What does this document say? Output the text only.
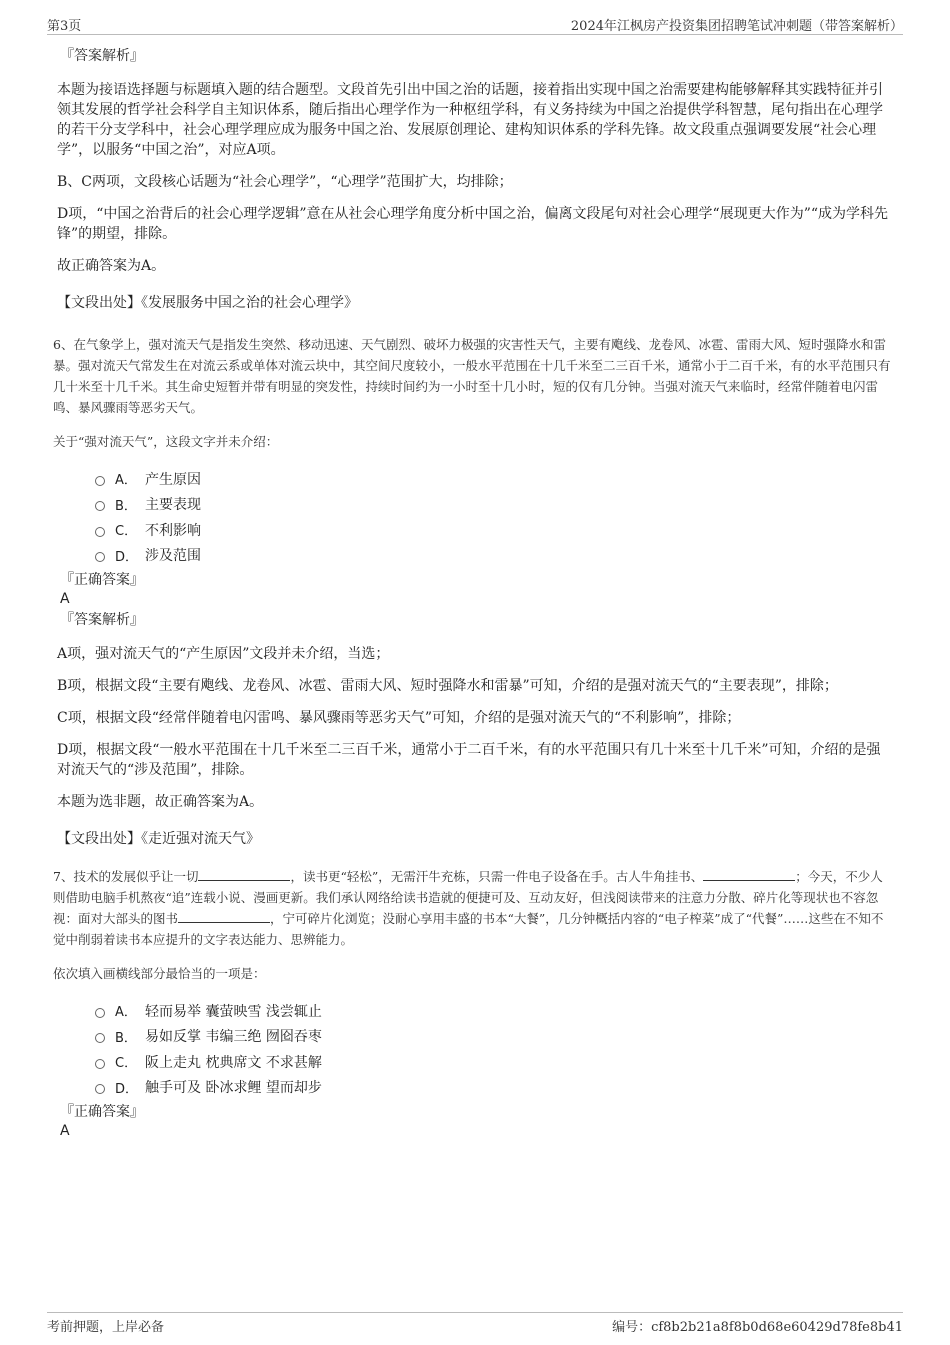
第3页	2024年江枫房产投资集团招聘笔试冲刺题（带答案解析）
『答案解析』

本题为接语选择题与标题填入题的结合题型。文段首先引出中国之治的话题，接着指出实现中国之治需要建构能够解释其实践特征并引领其发展的哲学社会科学自主知识体系，随后指出心理学作为一种枢纽学科，有义务持续为中国之治提供学科智慧，尾句指出在心理学的若干分支学科中，社会心理学理应成为服务中国之治、发展原创理论、建构知识体系的学科先锋。故文段重点强调要发展“社会心理学”，以服务“中国之治”，对应A项。

B、C两项，文段核心话题为“社会心理学”，“心理学”范围扩大，均排除；

D项，“中国之治背后的社会心理学逻辑”意在从社会心理学角度分析中国之治，偏离文段尾句对社会心理学“展现更大作为”“成为学科先锋”的期望，排除。

故正确答案为A。

【文段出处】《发展服务中国之治的社会心理学》

6、在气象学上，强对流天气是指发生突然、移动迅速、天气剧烈、破坏力极强的灾害性天气，主要有飑线、龙卷风、冰雹、雷雨大风、短时强降水和雷暴。强对流天气常发生在对流云系或单体对流云块中，其空间尺度较小，一般水平范围在十几千米至二三百千米，通常小于二百千米，有的水平范围只有几十米至十几千米。其生命史短暂并带有明显的突发性，持续时间约为一小时至十几小时，短的仅有几分钟。当强对流天气来临时，经常伴随着电闪雷鸣、暴风骤雨等恶劣天气。

关于“强对流天气”，这段文字并未介绍：

A． 产生原因
B． 主要表现
C． 不利影响
D． 涉及范围
『正确答案』
A
『答案解析』

A项，强对流天气的“产生原因”文段并未介绍，当选；

B项，根据文段“主要有飑线、龙卷风、冰雹、雷雨大风、短时强降水和雷暴”可知，介绍的是强对流天气的“主要表现”，排除；

C项，根据文段“经常伴随着电闪雷鸣、暴风骤雨等恶劣天气”可知，介绍的是强对流天气的“不利影响”，排除；

D项，根据文段“一般水平范围在十几千米至二三百千米，通常小于二百千米，有的水平范围只有几十米至十几千米”可知，介绍的是强对流天气的“涉及范围”，排除。

本题为选非题，故正确答案为A。

【文段出处】《走近强对流天气》

7、技术的发展似乎让一切	，读书更“轻松”，无需汗牛充栋，只需一件电子设备在手。古人牛角挂书、	；今天，不少人则借助电脑手机熬夜“追”连载小说、漫画更新。我们承认网络给读书造就的便捷可及、互动友好，但浅阅读带来的注意力分散、碎片化等现状也不容忽视：面对大部头的图书	，宁可碎片化浏览；没耐心享用丰盛的书本“大餐”，几分钟概括内容的“电子榨菜”成了“代餐”……这些在不知不觉中削弱着读书本应提升的文字表达能力、思辨能力。

依次填入画横线部分最恰当的一项是：

A． 轻而易举 囊萤映雪 浅尝辄止
B． 易如反掌 韦编三绝 囫囵吞枣
C． 阪上走丸 枕典席文 不求甚解
D． 触手可及 卧冰求鲤 望而却步
『正确答案』
A
考前押题，上岸必备	编号：cf8b2b21a8f8b0d68e60429d78fe8b41
